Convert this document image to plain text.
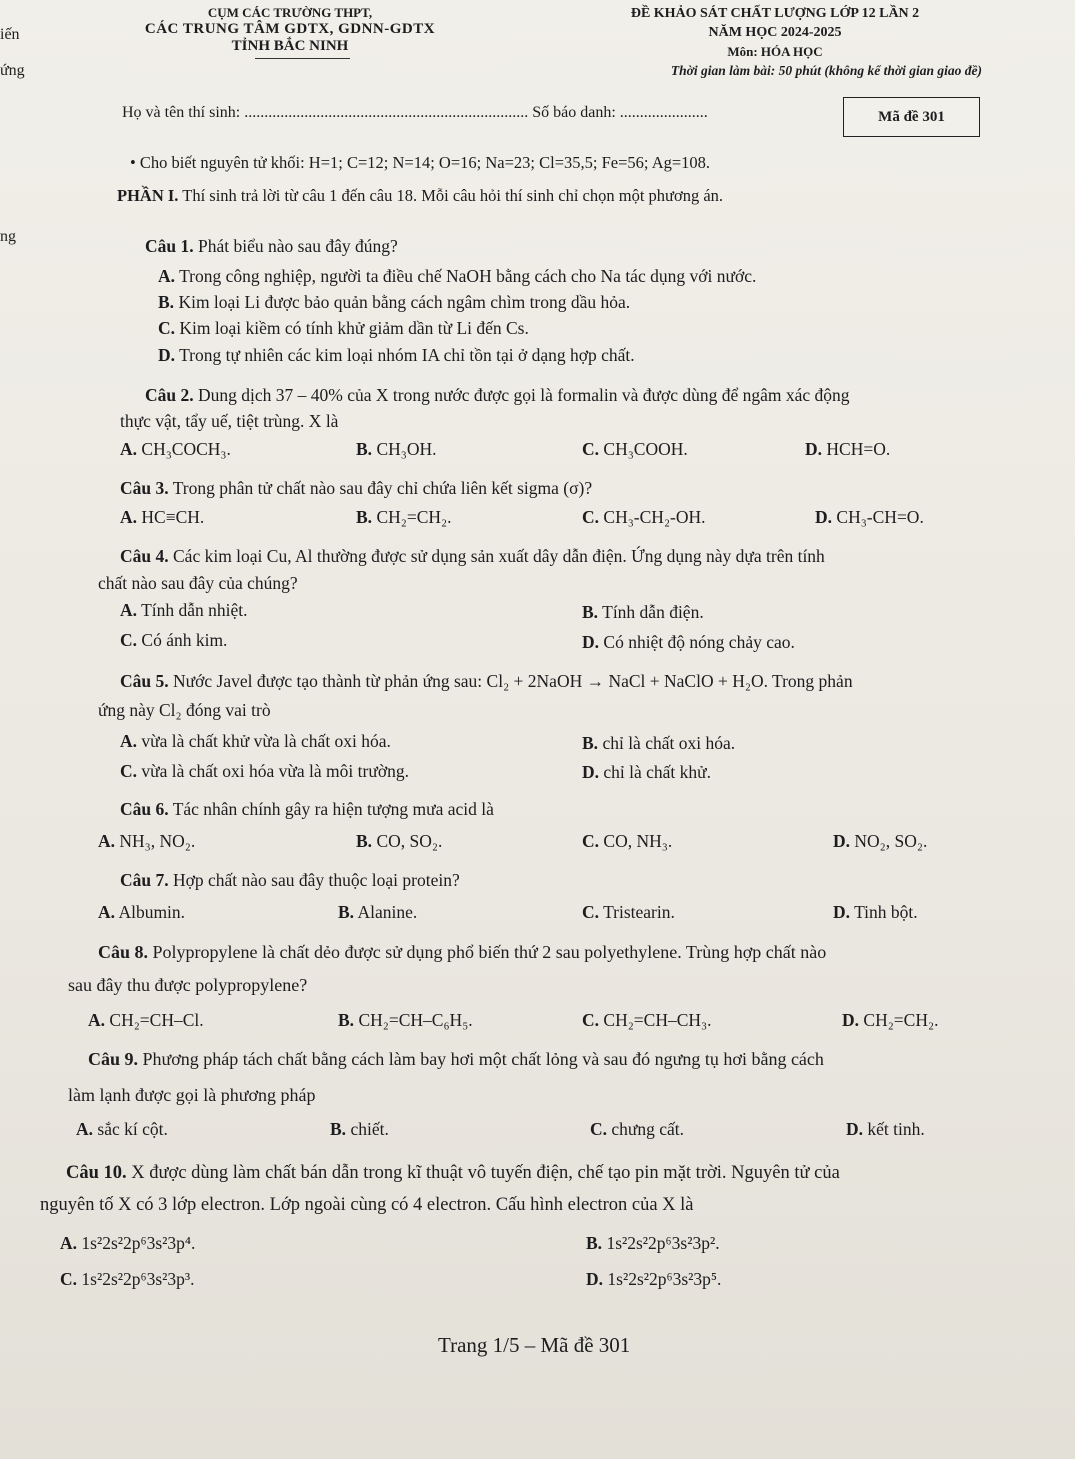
CỤM CÁC TRƯỜNG THPT,
CÁC TRUNG TÂM GDTX, GDNN-GDTX
TỈNH BẮC NINH
ĐỀ KHẢO SÁT CHẤT LƯỢNG LỚP 12 LẦN 2
NĂM HỌC 2024-2025
Môn: HÓA HỌC
Thời gian làm bài: 50 phút (không kể thời gian giao đề)
iến
ứng
ng
Họ và tên thí sinh: ....................................................................... Số báo danh: ......................	Mã đề 301
• Cho biết nguyên tử khối: H=1; C=12; N=14; O=16; Na=23; Cl=35,5; Fe=56; Ag=108.
PHẦN I. Thí sinh trả lời từ câu 1 đến câu 18. Mỗi câu hỏi thí sinh chỉ chọn một phương án.
Câu 1. Phát biểu nào sau đây đúng?
A. Trong công nghiệp, người ta điều chế NaOH bằng cách cho Na tác dụng với nước.
B. Kim loại Li được bảo quản bằng cách ngâm chìm trong dầu hỏa.
C. Kim loại kiềm có tính khử giảm dần từ Li đến Cs.
D. Trong tự nhiên các kim loại nhóm IA chỉ tồn tại ở dạng hợp chất.
Câu 2. Dung dịch 37 – 40% của X trong nước được gọi là formalin và được dùng để ngâm xác động
thực vật, tẩy uế, tiệt trùng. X là
A. CH₃COCH₃.	B. CH₃OH.	C. CH₃COOH.	D. HCH=O.
Câu 3. Trong phân tử chất nào sau đây chỉ chứa liên kết sigma (σ)?
A. HC≡CH.	B. CH₂=CH₂.	C. CH₃-CH₂-OH.	D. CH₃-CH=O.
Câu 4. Các kim loại Cu, Al thường được sử dụng sản xuất dây dẫn điện. Ứng dụng này dựa trên tính
chất nào sau đây của chúng?
A. Tính dẫn nhiệt.	B. Tính dẫn điện.
C. Có ánh kim.	D. Có nhiệt độ nóng chảy cao.
Câu 5. Nước Javel được tạo thành từ phản ứng sau: Cl₂ + 2NaOH → NaCl + NaClO + H₂O. Trong phản
ứng này Cl₂ đóng vai trò
A. vừa là chất khử vừa là chất oxi hóa.	B. chỉ là chất oxi hóa.
C. vừa là chất oxi hóa vừa là môi trường.	D. chỉ là chất khử.
Câu 6. Tác nhân chính gây ra hiện tượng mưa acid là
A. NH₃, NO₂.	B. CO, SO₂.	C. CO, NH₃.	D. NO₂, SO₂.
Câu 7. Hợp chất nào sau đây thuộc loại protein?
A. Albumin.	B. Alanine.	C. Tristearin.	D. Tinh bột.
Câu 8. Polypropylene là chất dẻo được sử dụng phổ biến thứ 2 sau polyethylene. Trùng hợp chất nào
sau đây thu được polypropylene?
A. CH₂=CH–Cl.	B. CH₂=CH–C₆H₅.	C. CH₂=CH–CH₃.	D. CH₂=CH₂.
Câu 9. Phương pháp tách chất bằng cách làm bay hơi một chất lỏng và sau đó ngưng tụ hơi bằng cách
làm lạnh được gọi là phương pháp
A. sắc kí cột.	B. chiết.	C. chưng cất.	D. kết tinh.
Câu 10. X được dùng làm chất bán dẫn trong kĩ thuật vô tuyến điện, chế tạo pin mặt trời. Nguyên tử của
nguyên tố X có 3 lớp electron. Lớp ngoài cùng có 4 electron. Cấu hình electron của X là
A. 1s²2s²2p⁶3s²3p⁴.	B. 1s²2s²2p⁶3s²3p².
C. 1s²2s²2p⁶3s²3p³.	D. 1s²2s²2p⁶3s²3p⁵.
Trang 1/5 – Mã đề 301
